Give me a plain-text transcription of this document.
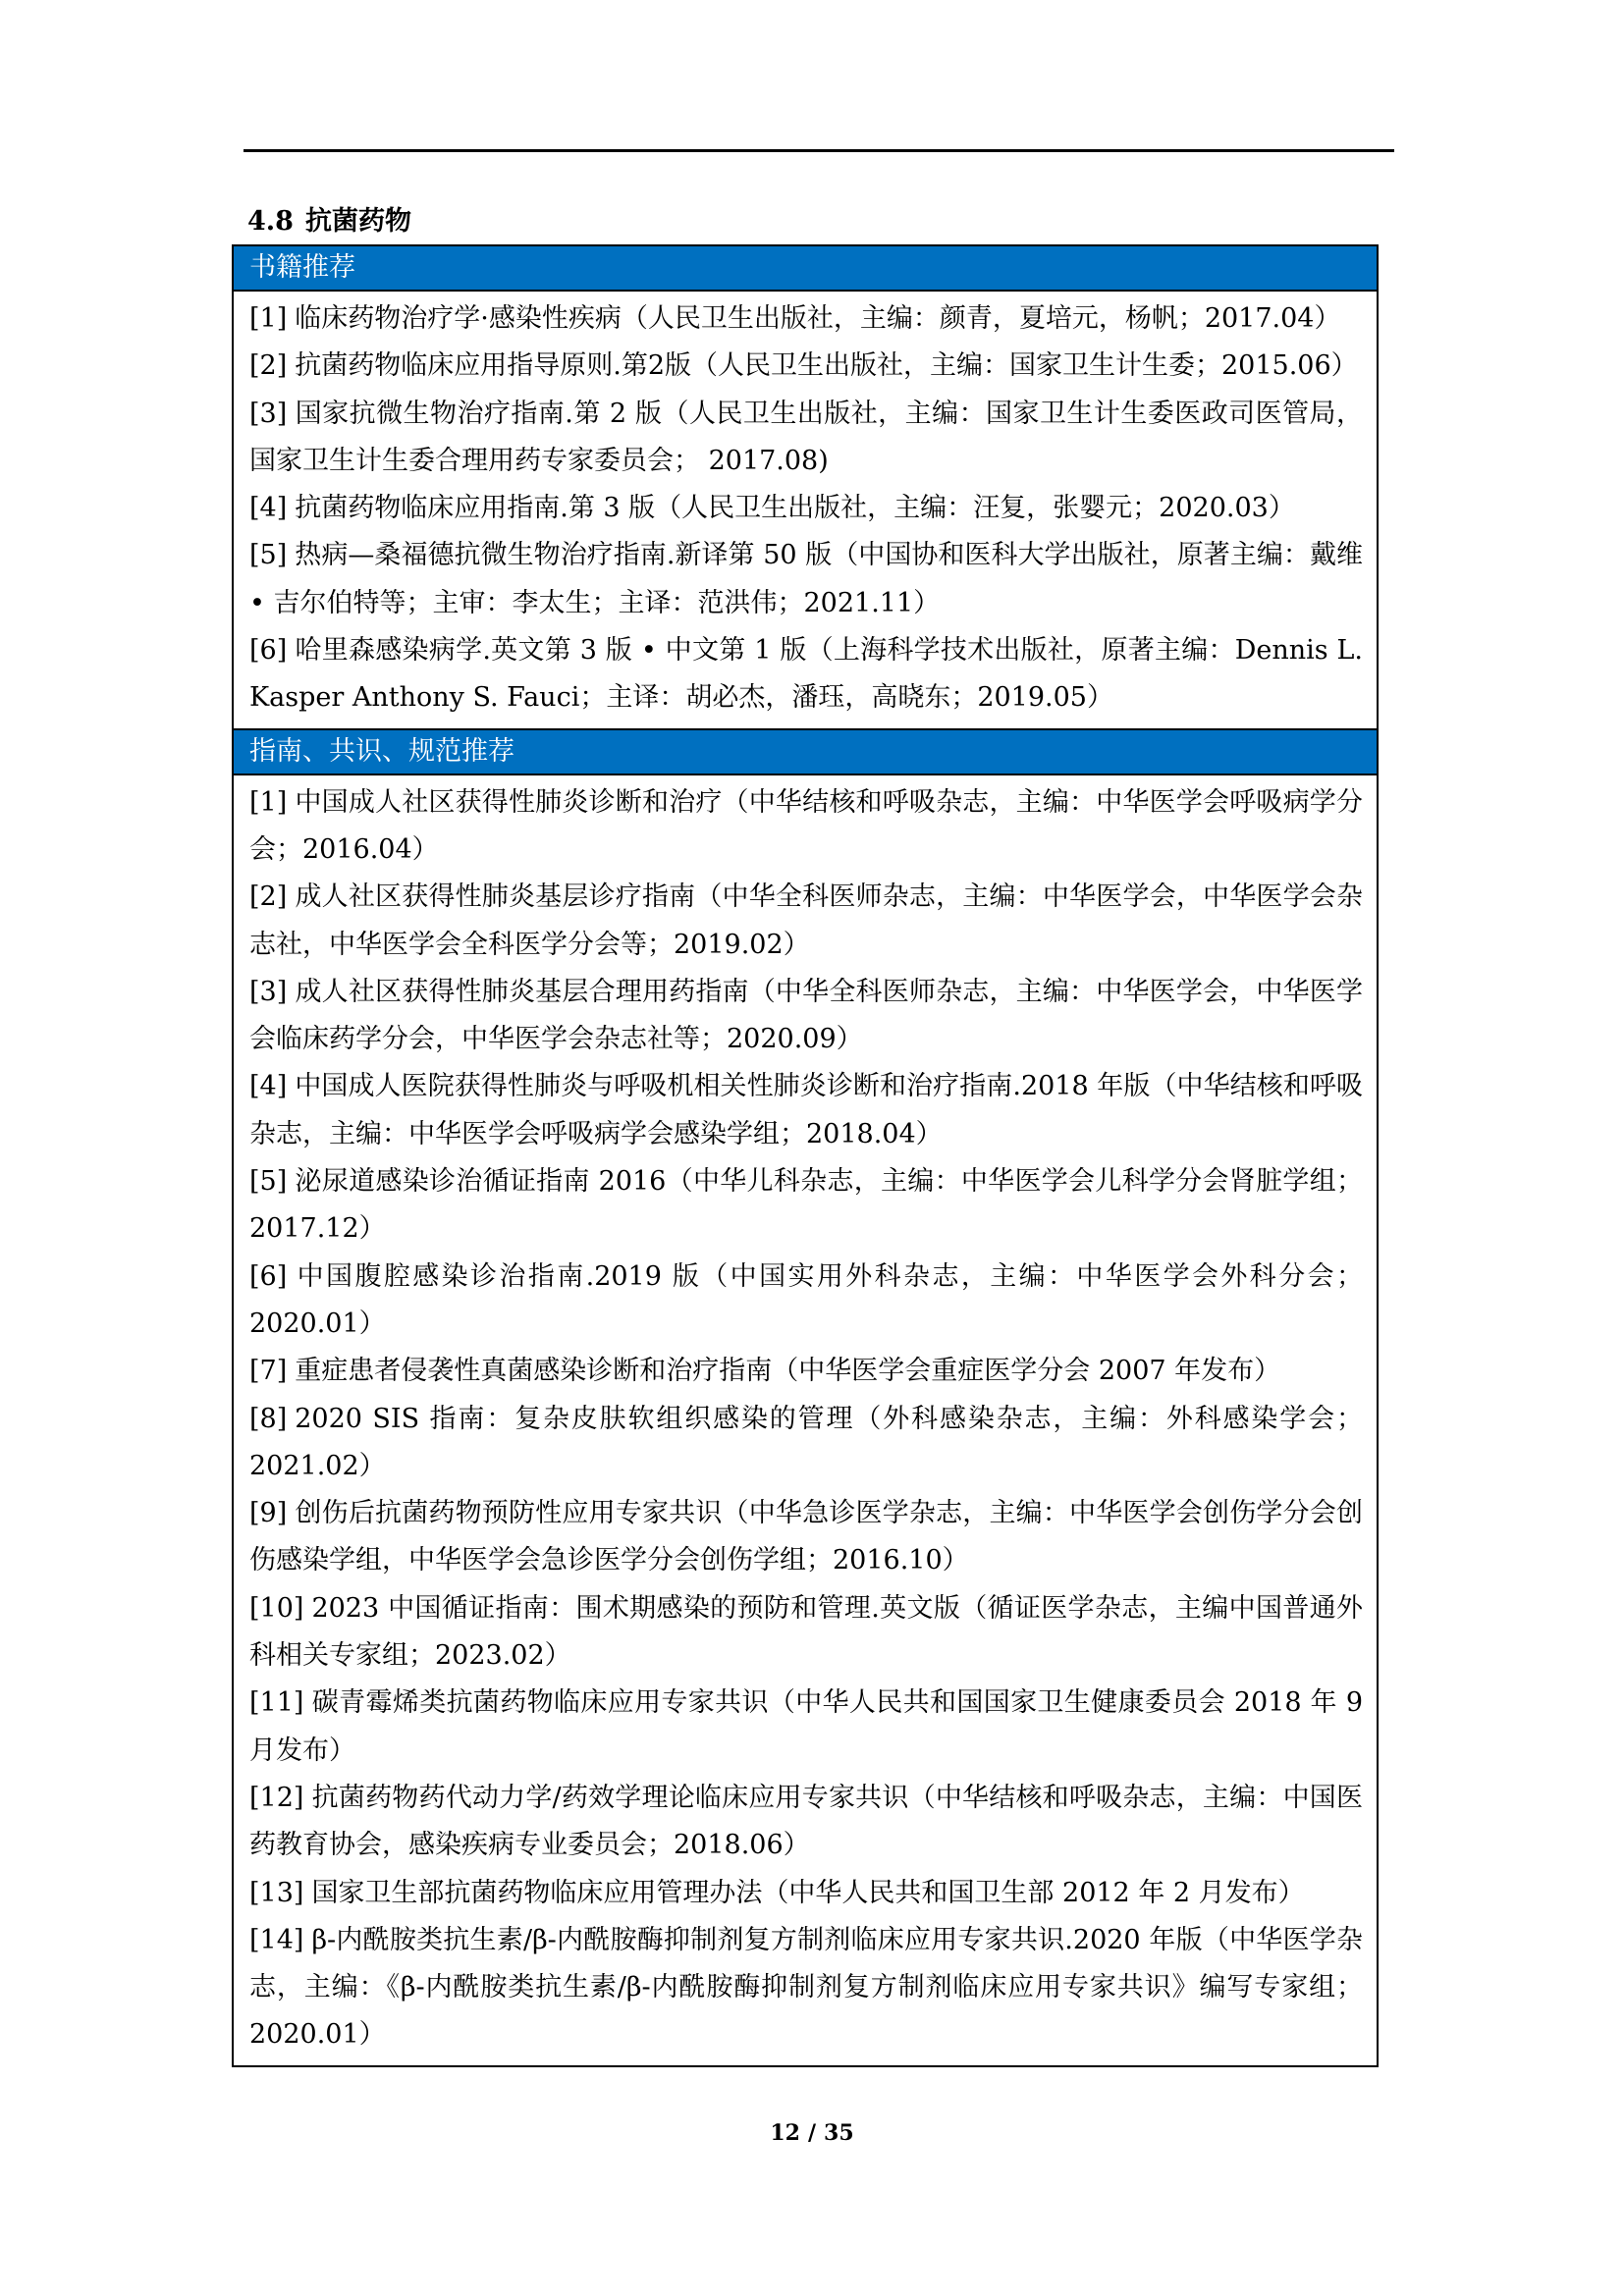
4.8 抗菌药物
书籍推荐

[1] 临床药物治疗学·感染性疾病（人民卫生出版社，主编：颜青，夏培元，杨帆；2017.04）

[2] 抗菌药物临床应用指导原则.第2版（人民卫生出版社，主编：国家卫生计生委；2015.06）

[3] 国家抗微生物治疗指南.第 2 版（人民卫生出版社，主编：国家卫生计生委医政司医管局，国家卫生计生委合理用药专家委员会； 2017.08)

[4] 抗菌药物临床应用指南.第 3 版（人民卫生出版社，主编：汪复，张婴元；2020.03）

[5] 热病—桑福德抗微生物治疗指南.新译第 50 版（中国协和医科大学出版社，原著主编：戴维 • 吉尔伯特等；主审：李太生；主译：范洪伟；2021.11）

[6] 哈里森感染病学.英文第 3 版 • 中文第 1 版（上海科学技术出版社，原著主编：Dennis L. Kasper Anthony S. Fauci；主译：胡必杰，潘珏，高晓东；2019.05）

指南、共识、规范推荐

[1] 中国成人社区获得性肺炎诊断和治疗（中华结核和呼吸杂志，主编：中华医学会呼吸病学分会；2016.04）

[2] 成人社区获得性肺炎基层诊疗指南（中华全科医师杂志，主编：中华医学会，中华医学会杂志社，中华医学会全科医学分会等；2019.02）

[3] 成人社区获得性肺炎基层合理用药指南（中华全科医师杂志，主编：中华医学会，中华医学会临床药学分会，中华医学会杂志社等；2020.09）

[4] 中国成人医院获得性肺炎与呼吸机相关性肺炎诊断和治疗指南.2018 年版（中华结核和呼吸杂志，主编：中华医学会呼吸病学会感染学组；2018.04）

[5] 泌尿道感染诊治循证指南 2016（中华儿科杂志，主编：中华医学会儿科学分会肾脏学组；2017.12）

[6] 中国腹腔感染诊治指南.2019 版（中国实用外科杂志，主编：中华医学会外科分会；2020.01）

[7] 重症患者侵袭性真菌感染诊断和治疗指南（中华医学会重症医学分会 2007 年发布）

[8] 2020 SIS 指南：复杂皮肤软组织感染的管理（外科感染杂志，主编：外科感染学会；2021.02）

[9] 创伤后抗菌药物预防性应用专家共识（中华急诊医学杂志，主编：中华医学会创伤学分会创伤感染学组，中华医学会急诊医学分会创伤学组；2016.10）

[10] 2023 中国循证指南：围术期感染的预防和管理.英文版（循证医学杂志，主编中国普通外科相关专家组；2023.02）

[11] 碳青霉烯类抗菌药物临床应用专家共识（中华人民共和国国家卫生健康委员会 2018 年 9 月发布）

[12] 抗菌药物药代动力学/药效学理论临床应用专家共识（中华结核和呼吸杂志，主编：中国医药教育协会，感染疾病专业委员会；2018.06）

[13] 国家卫生部抗菌药物临床应用管理办法（中华人民共和国卫生部 2012 年 2 月发布）

[14] β-内酰胺类抗生素/β-内酰胺酶抑制剂复方制剂临床应用专家共识.2020 年版（中华医学杂志，主编：《β-内酰胺类抗生素/β-内酰胺酶抑制剂复方制剂临床应用专家共识》编写专家组；2020.01）

12 / 35
